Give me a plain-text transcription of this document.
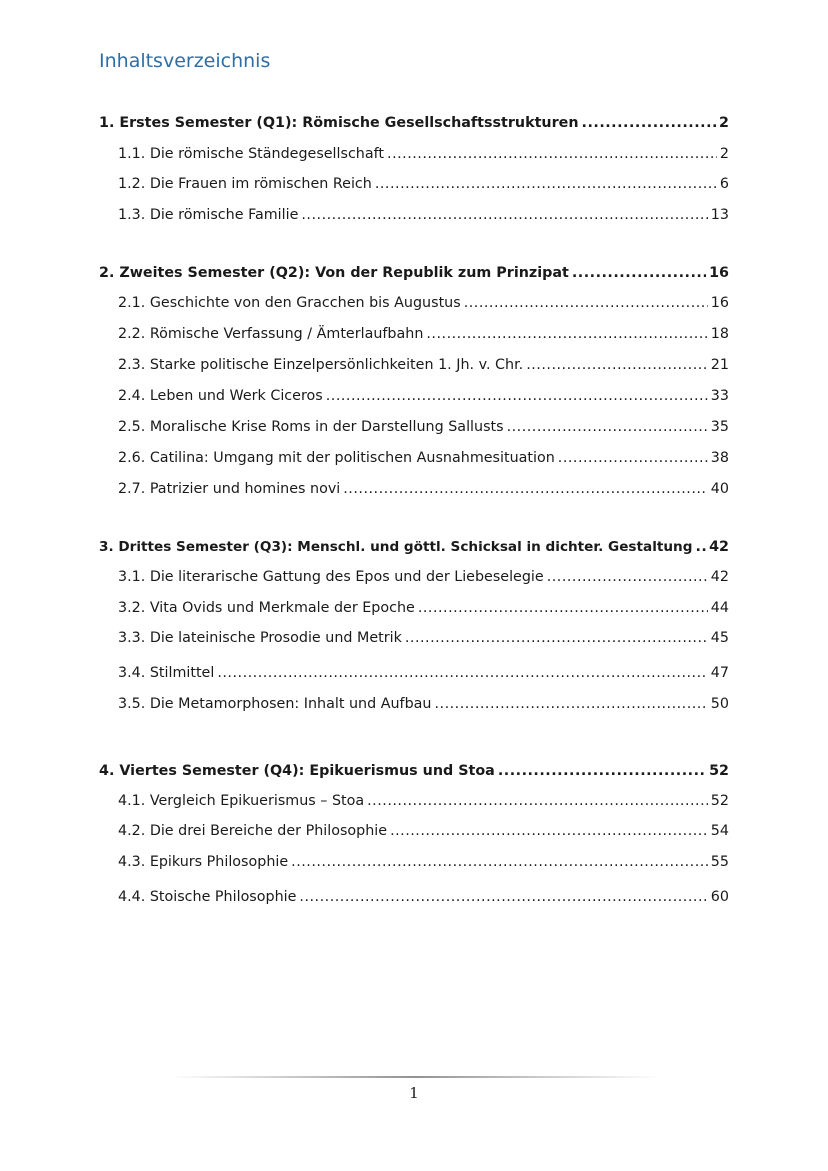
Inhaltsverzeichnis
1. Erstes Semester (Q1): Römische Gesellschaftsstrukturen .....	2
1.1. Die römische Ständegesellschaft .....	2
1.2. Die Frauen im römischen Reich .....	6
1.3. Die römische Familie .....	13
2. Zweites Semester (Q2): Von der Republik zum Prinzipat .....	16
2.1. Geschichte von den Gracchen bis Augustus .....	16
2.2. Römische Verfassung / Ämterlaufbahn .....	18
2.3. Starke politische Einzelpersönlichkeiten 1. Jh. v. Chr. .....	21
2.4. Leben und Werk Ciceros .....	33
2.5. Moralische Krise Roms in der Darstellung Sallusts .....	35
2.6. Catilina: Umgang mit der politischen Ausnahmesituation .....	38
2.7. Patrizier und homines novi .....	40
3. Drittes Semester (Q3): Menschl. und göttl. Schicksal in dichter. Gestaltung ..... 42
3.1. Die literarische Gattung des Epos und der Liebeselegie .....	42
3.2. Vita Ovids und Merkmale der Epoche .....	44
3.3. Die lateinische Prosodie und Metrik .....	45
3.4. Stilmittel .....	47
3.5. Die Metamorphosen: Inhalt und Aufbau .....	50
4. Viertes Semester (Q4): Epikuerismus und Stoa .....	52
4.1. Vergleich Epikuerismus – Stoa .....	52
4.2. Die drei Bereiche der Philosophie .....	54
4.3. Epikurs Philosophie .....	55
4.4. Stoische Philosophie .....	60
1
